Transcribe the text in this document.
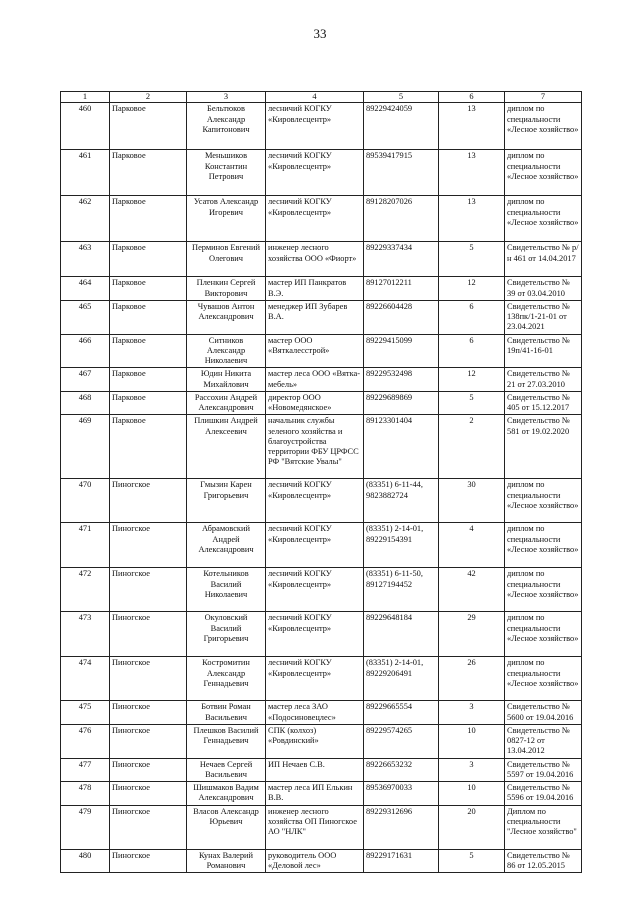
33
1	2	3	4	5	6	7
460	Парковое	Бельтюков Александр Капитонович	лесничий КОГКУ «Кировлесцентр»	89229424059	13	диплом по специальности «Лесное хозяйство»
461	Парковое	Меньшиков Константин Петрович	лесничий КОГКУ «Кировлесцентр»	89539417915	13	диплом по специальности «Лесное хозяйство»
462	Парковое	Усатов Александр Игоревич	лесничий КОГКУ «Кировлесцентр»	89128207026	13	диплом по специальности «Лесное хозяйство»
463	Парковое	Перминов Евгений Олегович	инженер лесного хозяйства ООО «Фиорт»	89229337434	5	Свидетельство № р/н 461 от 14.04.2017
464	Парковое	Пленкин Сергей Викторович	мастер ИП Панкратов В.Э.	89127012211	12	Свидетельство № 39 от 03.04.2010
465	Парковое	Чувашов Антон Александрович	менеджер ИП Зубарев В.А.	89226604428	6	Свидетельство № 138пк/1-21-01 от 23.04.2021
466	Парковое	Ситников Александр Николаевич	мастер ООО «Вяткалесстрой»	89229415099	6	Свидетельство № 19п/41-16-01
467	Парковое	Юдин Никита Михайлович	мастер леса ООО «Вятка-мебель»	89229532498	12	Свидетельство № 21 от 27.03.2010
468	Парковое	Рассохин Андрей Александрович	директор ООО «Новомедянское»	89229689869	5	Свидетельство № 405 от 15.12.2017
469	Парковое	Плишкин Андрей Алексеевич	начальник службы зеленого хозяйства и благоустройства территории ФБУ ЦРФСС РФ "Вятские Увалы"	89123301404	2	Свидетельство № 581 от 19.02.2020
470	Пиногское	Гмызин Карен Григорьевич	лесничий КОГКУ «Кировлесцентр»	(83351) 6-11-44, 9823882724	30	диплом по специальности «Лесное хозяйство»
471	Пиногское	Абрамовский Андрей Александрович	лесничий КОГКУ «Кировлесцентр»	(83351) 2-14-01, 89229154391	4	диплом по специальности «Лесное хозяйство»
472	Пиногское	Котельников Василий Николаевич	лесничий КОГКУ «Кировлесцентр»	(83351) 6-11-50, 89127194452	42	диплом по специальности «Лесное хозяйство»
473	Пиногское	Окуловский Василий Григорьевич	лесничий КОГКУ «Кировлесцентр»	89229648184	29	диплом по специальности «Лесное хозяйство»
474	Пиногское	Костромитин Александр Геннадьевич	лесничий КОГКУ «Кировлесцентр»	(83351) 2-14-01, 89229206491	26	диплом по специальности «Лесное хозяйство»
475	Пиногское	Ботвин Роман Васильевич	мастер леса ЗАО «Подосиновецлес»	89229665554	3	Свидетельство № 5600 от 19.04.2016
476	Пиногское	Плешков Василий Геннадьевич	СПК (колхоз) «Ровдинский»	89229574265	10	Свидетельство № 0827-12 от 13.04.2012
477	Пиногское	Нечаев Сергей Васильевич	ИП Нечаев С.В.	89226653232	3	Свидетельство № 5597 от 19.04.2016
478	Пиногское	Шишмаков Вадим Александрович	мастер леса ИП Елькин В.В.	89536970033	10	Свидетельство № 5596 от 19.04.2016
479	Пиногское	Власов Александр Юрьевич	инженер лесного хозяйства ОП Пиногское АО "НЛК"	89229312696	20	Диплом по специальности "Лесное хозяйство"
480	Пиногское	Кунах Валерий Романович	руководитель ООО «Деловой лес»	89229171631	5	Свидетельство № 86 от 12.05.2015
